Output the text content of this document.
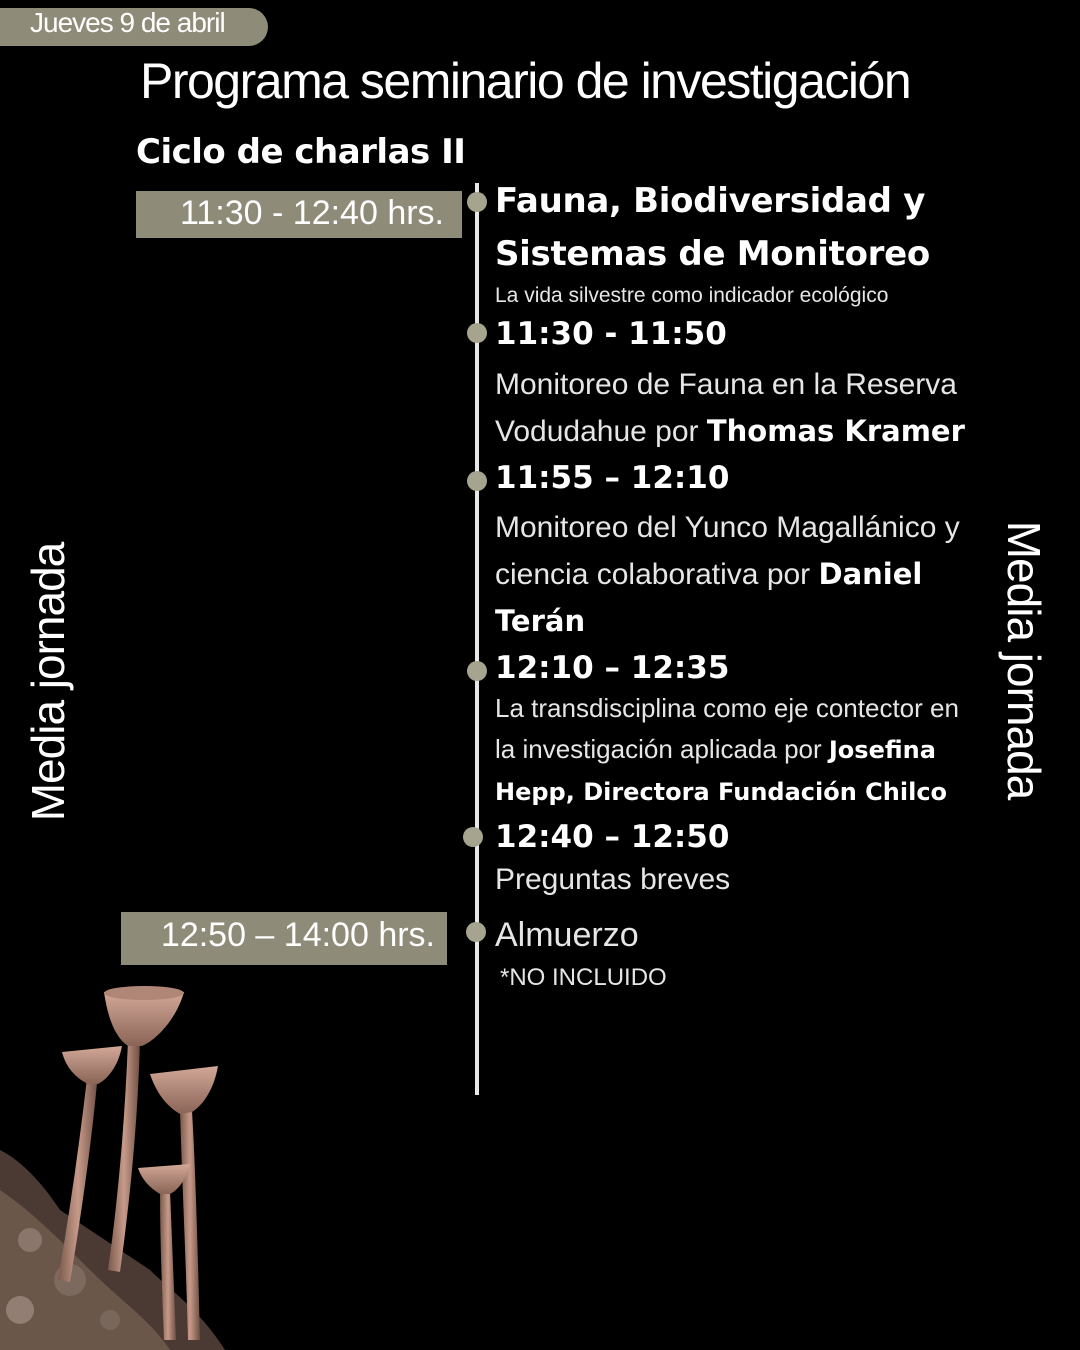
Jueves 9 de abril
Programa seminario de investigación
Ciclo de charlas II
11:30 - 12:40 hrs.
12:50 – 14:00 hrs.
Fauna, Biodiversidad y
Sistemas de Monitoreo
La vida silvestre como indicador ecológico
11:30 - 11:50
Monitoreo de Fauna en la Reserva Vodudahue por Thomas Kramer
11:55 – 12:10
Monitoreo del Yunco Magallánico y ciencia colaborativa por Daniel Terán
12:10 – 12:35
La transdisciplina como eje contector en la investigación aplicada por Josefina Hepp, Directora Fundación Chilco
12:40 – 12:50
Preguntas breves
Almuerzo
*NO INCLUIDO
Media jornada	Media jornada
